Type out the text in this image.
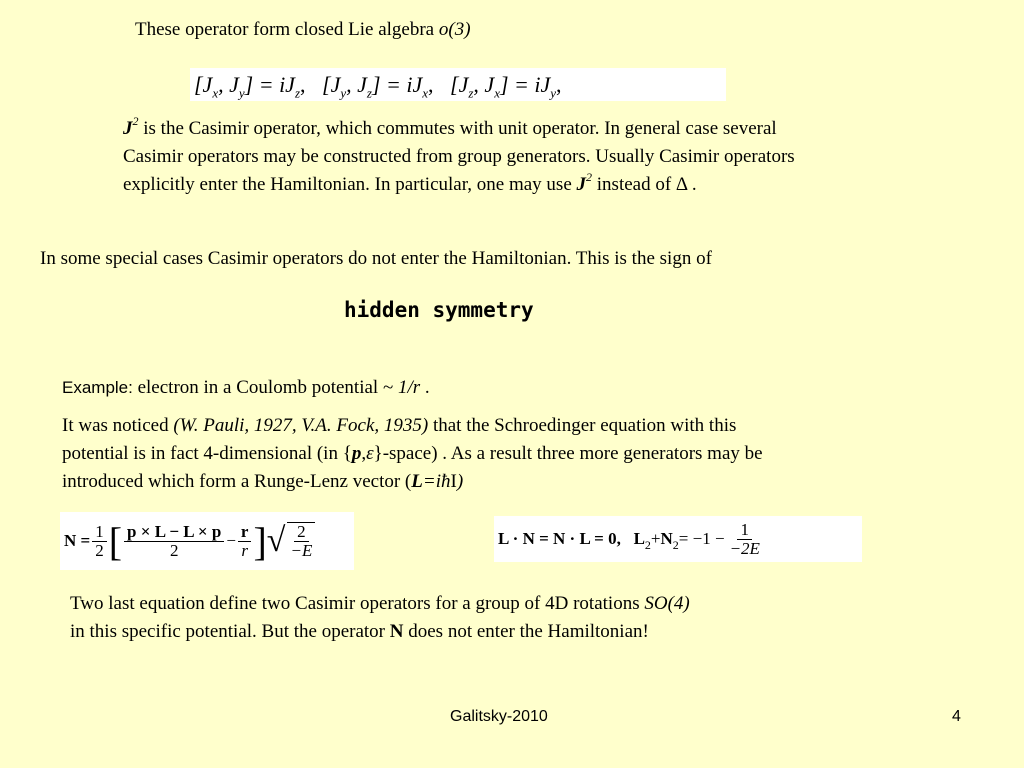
These operator form closed Lie algebra o(3)
[$J_x$, $J_y] = iJ_z$,   [$J_y$, $J_z] = iJ_x$,   [$J_z$, $J_x] = iJ_y$,
$J^2$ is the Casimir operator, which commutes with unit operator. In general case several
Casimir operators may be constructed from group generators. Usually Casimir operators
explicitly enter the Hamiltonian. In particular, one may use $J^2$ instead of Δ .
In some special cases Casimir operators do not enter the Hamiltonian. This is the sign of
hidden symmetry
Example: electron in a Coulomb potential ~ 1/r .
It was noticed (W. Pauli, 1927, V.A. Fock, 1935) that the Schroedinger equation with this
potential is in fact 4-dimensional (in {p,ε}-space) . As a result three more generators may be
introduced which form a Runge-Lenz vector (L=iħI)
$N = \frac{1}{2}$ [ $\frac{p \times L - L \times p}{2} - \frac{r}{r}$ ] √ $\frac{2}{-E}$	L · N = N · L = 0,
$L^2 + N^2 = -1 - \frac{1}{-2E}$
Two last equation define two Casimir operators for a group of 4D rotations SO(4)
in this specific potential. But the operator N does not enter the Hamiltonian!
Galitsky-2010	4
